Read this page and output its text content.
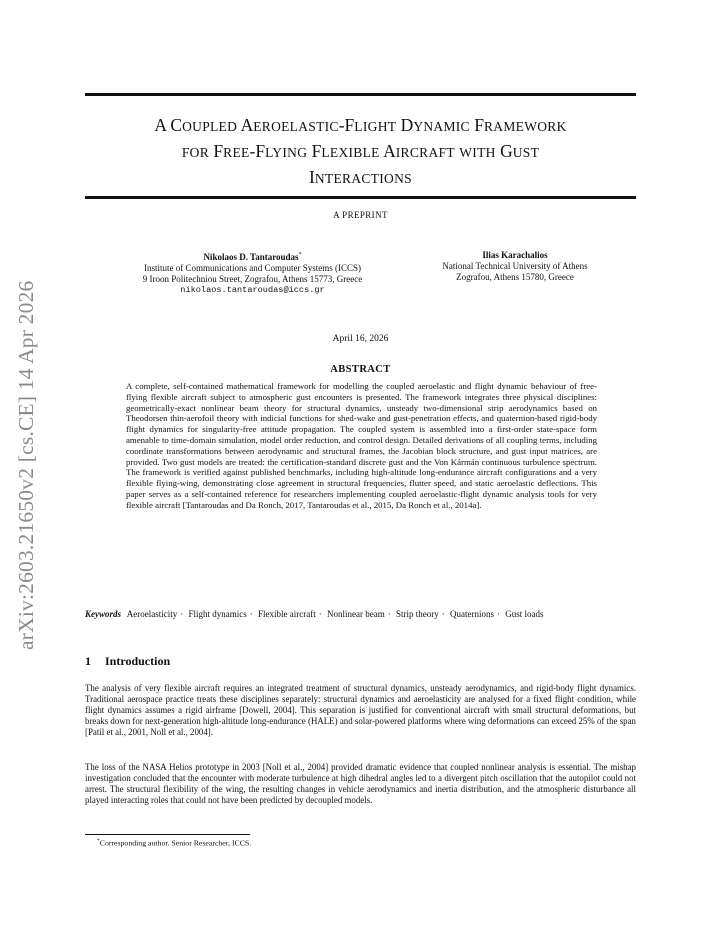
arXiv:2603.21650v2 [cs.CE] 14 Apr 2026
A COUPLED AEROELASTIC-FLIGHT DYNAMIC FRAMEWORK
FOR FREE-FLYING FLEXIBLE AIRCRAFT WITH GUST
INTERACTIONS
A PREPRINT
Nikolaos D. Tantaroudas*
Institute of Communications and Computer Systems (ICCS)
9 Iroon Politechniou Street, Zografou, Athens 15773, Greece
nikolaos.tantaroudas@iccs.gr
Ilias Karachalios
National Technical University of Athens
Zografou, Athens 15780, Greece
April 16, 2026
ABSTRACT
A complete, self-contained mathematical framework for modelling the coupled aeroelastic and flight dynamic behaviour of free-flying flexible aircraft subject to atmospheric gust encounters is presented. The framework integrates three physical disciplines: geometrically-exact nonlinear beam theory for structural dynamics, unsteady two-dimensional strip aerodynamics based on Theodorsen thin-aerofoil theory with indicial functions for shed-wake and gust-penetration effects, and quaternion-based rigid-body flight dynamics for singularity-free attitude propagation. The coupled system is assembled into a first-order state-space form amenable to time-domain simulation, model order reduction, and control design. Detailed derivations of all coupling terms, including coordinate transformations between aerodynamic and structural frames, the Jacobian block structure, and gust input matrices, are provided. Two gust models are treated: the certification-standard discrete gust and the Von Kármán continuous turbulence spectrum. The framework is verified against published benchmarks, including high-altitude long-endurance aircraft configurations and a very flexible flying-wing, demonstrating close agreement in structural frequencies, flutter speed, and static aeroelastic deflections. This paper serves as a self-contained reference for researchers implementing coupled aeroelastic-flight dynamic analysis tools for very flexible aircraft [Tantaroudas and Da Ronch, 2017, Tantaroudas et al., 2015, Da Ronch et al., 2014a].
Keywords Aeroelasticity · Flight dynamics · Flexible aircraft · Nonlinear beam · Strip theory · Quaternions · Gust loads
1 Introduction
The analysis of very flexible aircraft requires an integrated treatment of structural dynamics, unsteady aerodynamics, and rigid-body flight dynamics. Traditional aerospace practice treats these disciplines separately: structural dynamics and aeroelasticity are analysed for a fixed flight condition, while flight dynamics assumes a rigid airframe [Dowell, 2004]. This separation is justified for conventional aircraft with small structural deformations, but breaks down for next-generation high-altitude long-endurance (HALE) and solar-powered platforms where wing deformations can exceed 25% of the span [Patil et al., 2001, Noll et al., 2004].
The loss of the NASA Helios prototype in 2003 [Noll et al., 2004] provided dramatic evidence that coupled nonlinear analysis is essential. The mishap investigation concluded that the encounter with moderate turbulence at high dihedral angles led to a divergent pitch oscillation that the autopilot could not arrest. The structural flexibility of the wing, the resulting changes in vehicle aerodynamics and inertia distribution, and the atmospheric disturbance all played interacting roles that could not have been predicted by decoupled models.
*Corresponding author. Senior Researcher, ICCS.
